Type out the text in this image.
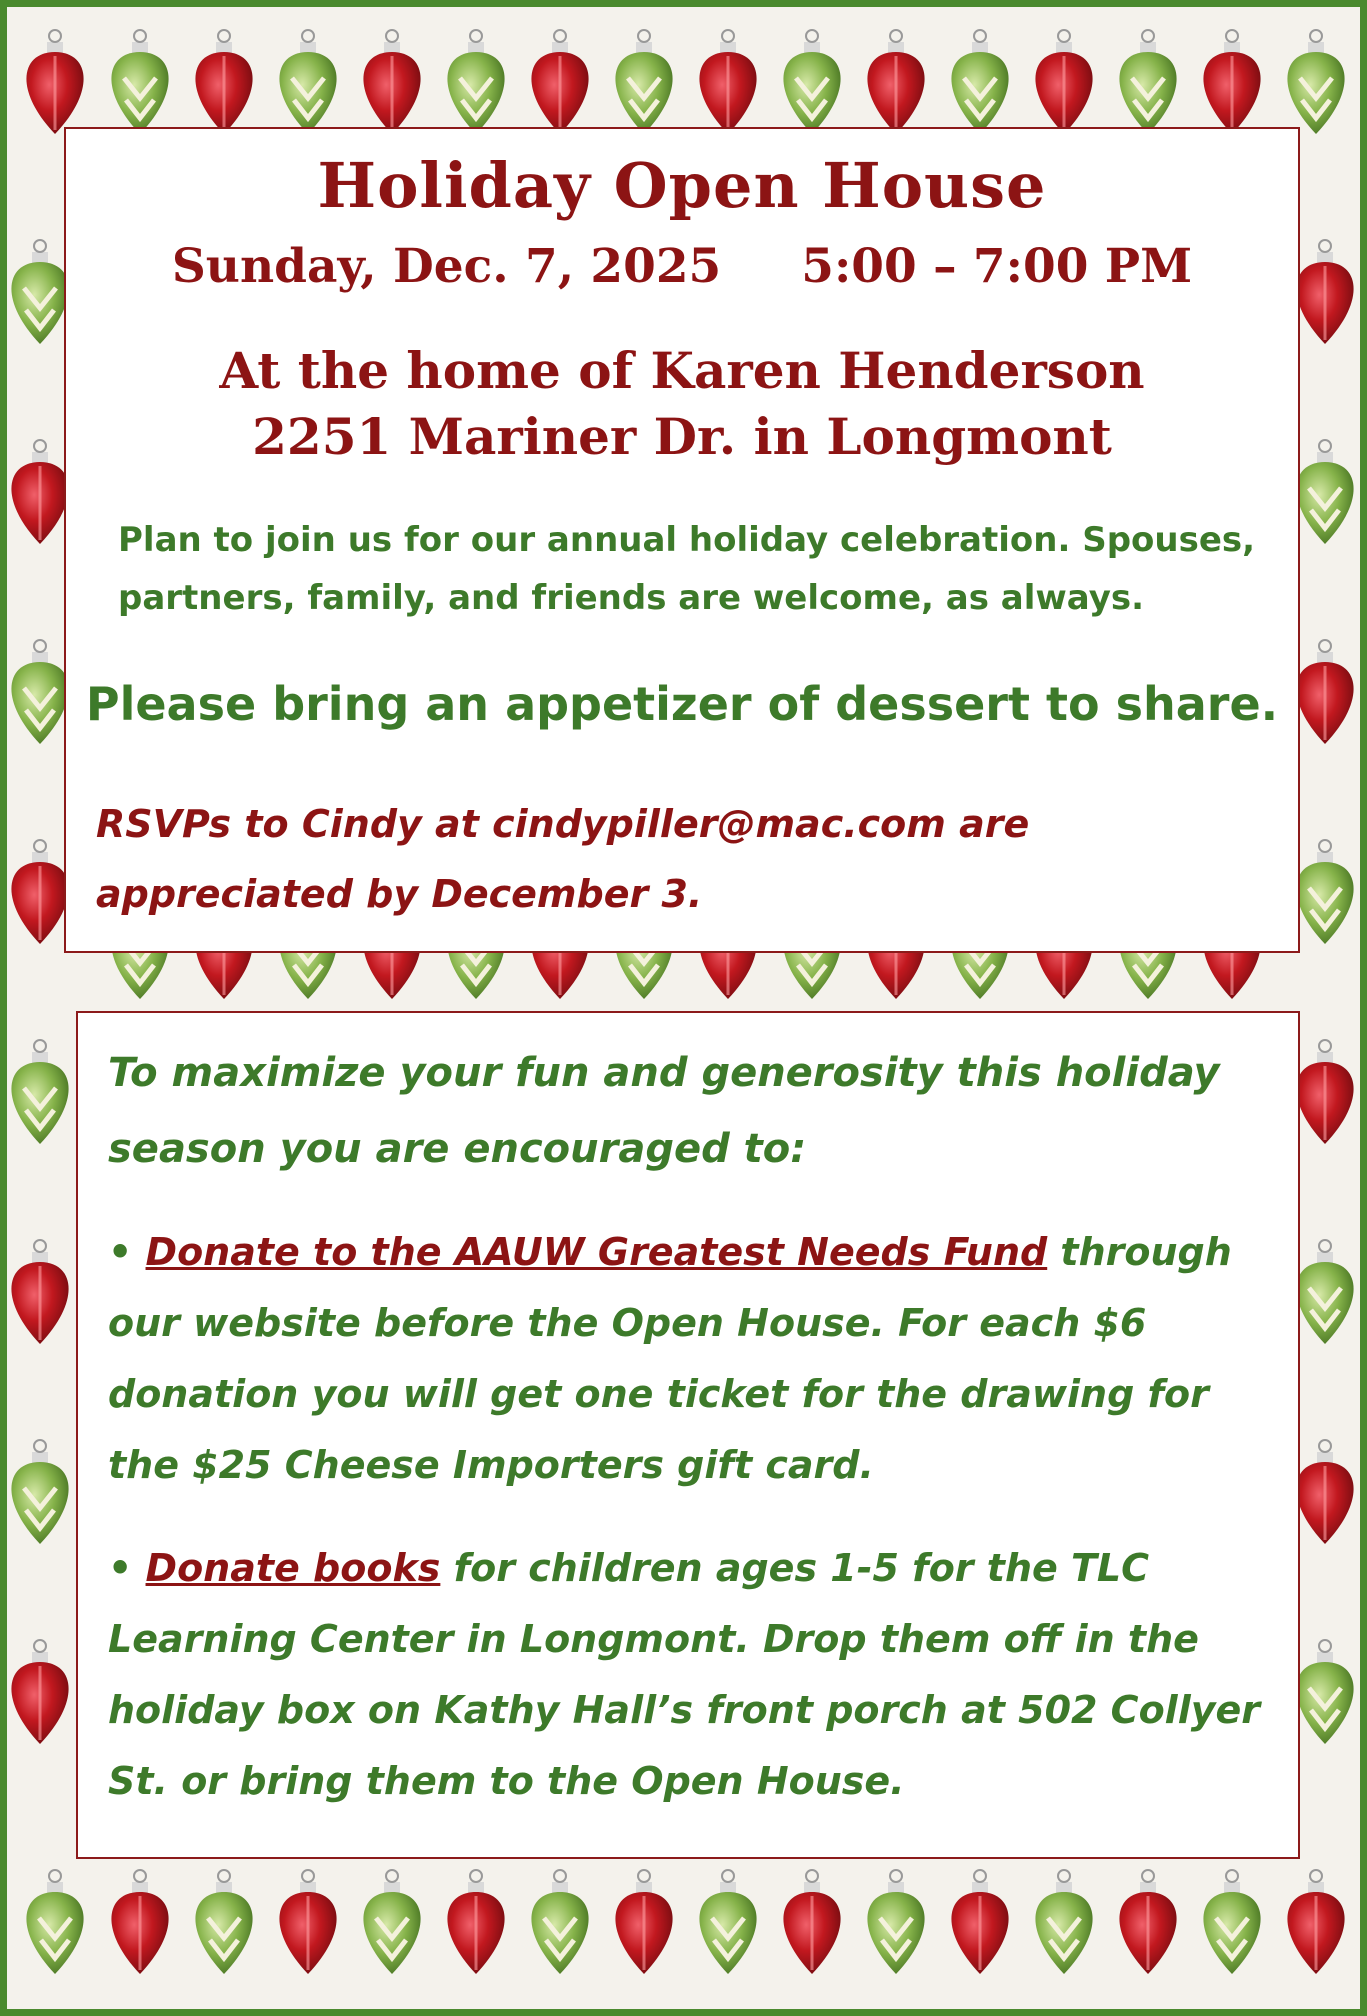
Holiday Open House
Sunday, Dec. 7, 2025 5:00 – 7:00 PM
At the home of Karen Henderson
2251 Mariner Dr. in Longmont

Plan to join us for our annual holiday celebration. Spouses, partners, family, and friends are welcome, as always.

Please bring an appetizer of dessert to share.

RSVPs to Cindy at cindypiller@mac.com are appreciated by December 3.

To maximize your fun and generosity this holiday season you are encouraged to:

• Donate to the AAUW Greatest Needs Fund through our website before the Open House. For each $6 donation you will get one ticket for the drawing for the $25 Cheese Importers gift card.

• Donate books for children ages 1-5 for the TLC Learning Center in Longmont. Drop them off in the holiday box on Kathy Hall’s front porch at 502 Collyer St. or bring them to the Open House.
